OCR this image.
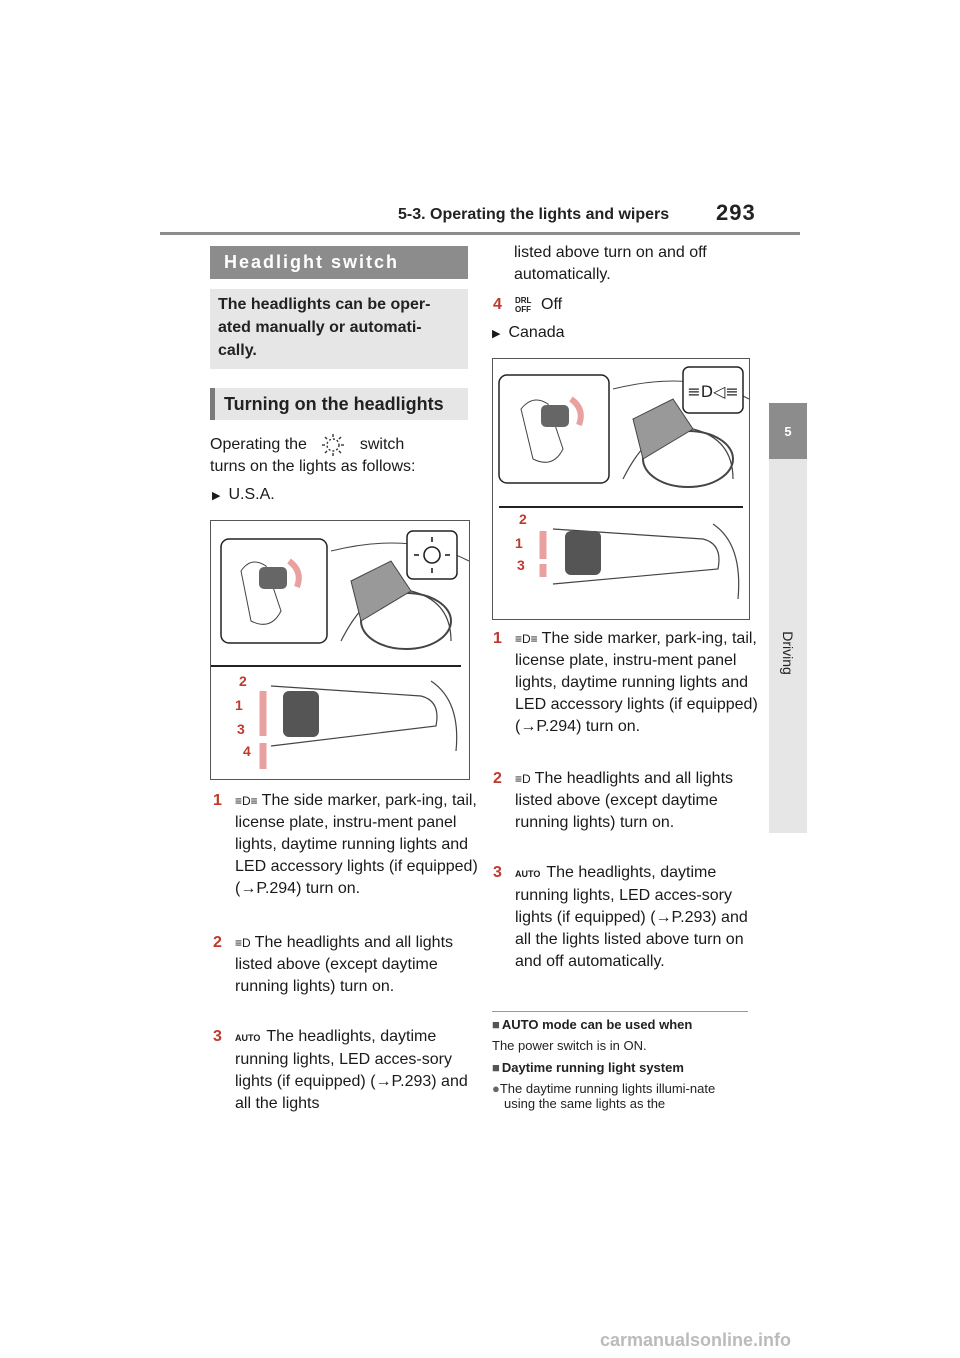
5-3. Operating the lights and wipers 293
5
Driving
Headlight switch
The headlights can be oper-ated manually or automati-cally.
Turning on the headlights
Operating the	switch
turns on the lights as follows:
▶ U.S.A.
2
1
3
4
1 ≡D≡ The side marker, park-ing, tail, license plate, instru-ment panel lights, daytime running lights and LED accessory lights (if equipped) (→P.294) turn on.
2 ≡D The headlights and all lights listed above (except daytime running lights) turn on.
3 AUTO The headlights, daytime running lights, LED acces-sory lights (if equipped) (→P.293) and all the lights
listed above turn on and off automatically.
4 DRL OFF Off
▶ Canada
≡D◁≡
2
1
3
1 ≡D≡ The side marker, park-ing, tail, license plate, instru-ment panel lights, daytime running lights and LED accessory lights (if equipped) (→P.294) turn on.
2 ≡D The headlights and all lights listed above (except daytime running lights) turn on.
3 AUTO The headlights, daytime running lights, LED acces-sory lights (if equipped) (→P.293) and all the lights listed above turn on and off automatically.
■ AUTO mode can be used when
The power switch is in ON.
■ Daytime running light system
●The daytime running lights illumi-nate using the same lights as the
carmanualsonline.info
